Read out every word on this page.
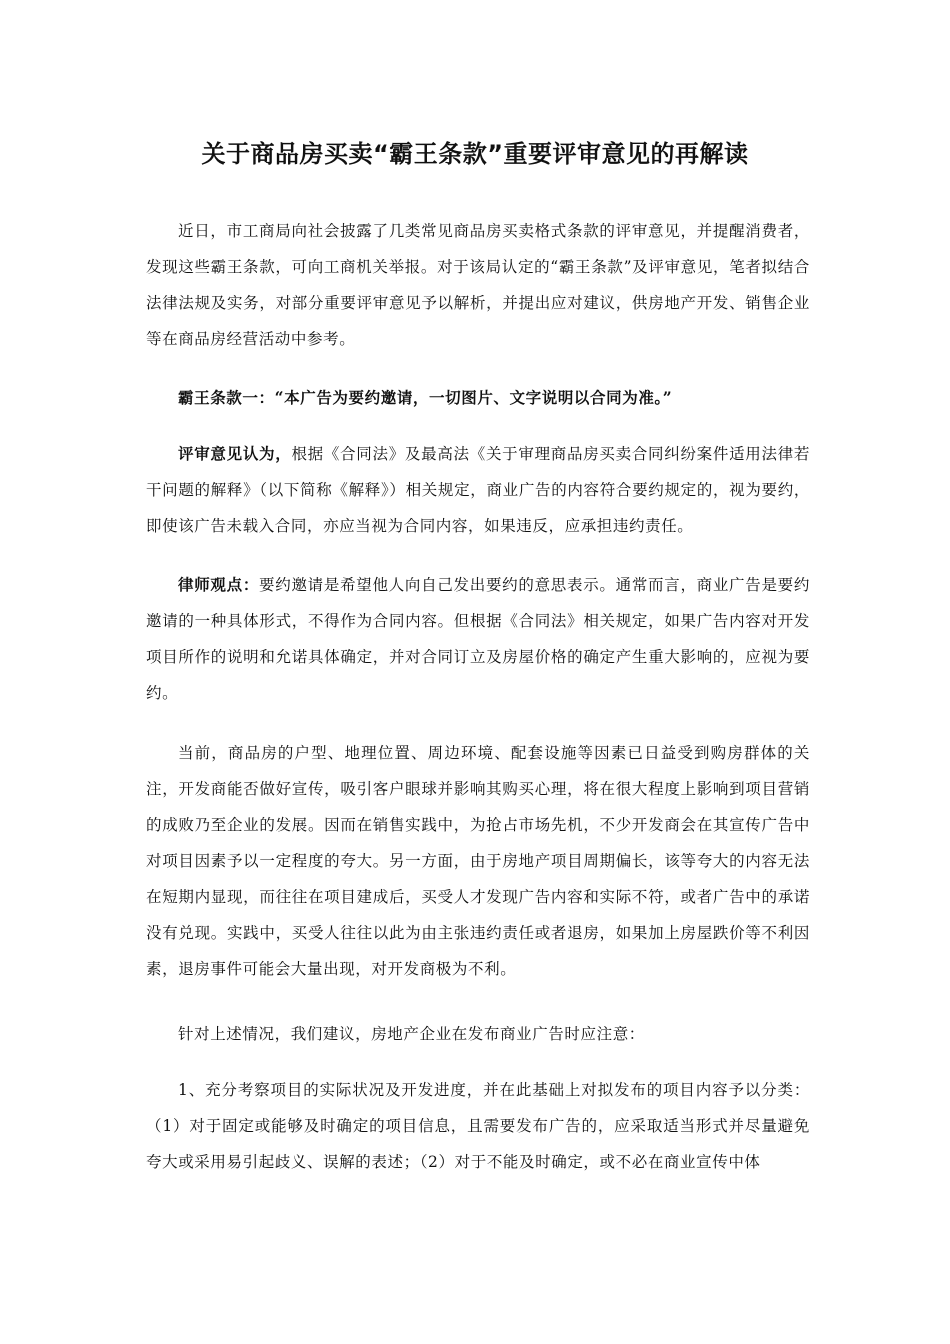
关于商品房买卖“霸王条款”重要评审意见的再解读
近日，市工商局向社会披露了几类常见商品房买卖格式条款的评审意见，并提醒消费者，发现这些霸王条款，可向工商机关举报。对于该局认定的“霸王条款”及评审意见，笔者拟结合法律法规及实务，对部分重要评审意见予以解析，并提出应对建议，供房地产开发、销售企业等在商品房经营活动中参考。
霸王条款一：“本广告为要约邀请，一切图片、文字说明以合同为准。”
评审意见认为，根据《合同法》及最高法《关于审理商品房买卖合同纠纷案件适用法律若干问题的解释》（以下简称《解释》）相关规定，商业广告的内容符合要约规定的，视为要约，即使该广告未载入合同，亦应当视为合同内容，如果违反，应承担违约责任。
律师观点：要约邀请是希望他人向自己发出要约的意思表示。通常而言，商业广告是要约邀请的一种具体形式，不得作为合同内容。但根据《合同法》相关规定，如果广告内容对开发项目所作的说明和允诺具体确定，并对合同订立及房屋价格的确定产生重大影响的，应视为要约。
当前，商品房的户型、地理位置、周边环境、配套设施等因素已日益受到购房群体的关注，开发商能否做好宣传，吸引客户眼球并影响其购买心理，将在很大程度上影响到项目营销的成败乃至企业的发展。因而在销售实践中，为抢占市场先机，不少开发商会在其宣传广告中对项目因素予以一定程度的夸大。另一方面，由于房地产项目周期偏长，该等夸大的内容无法在短期内显现，而往往在项目建成后，买受人才发现广告内容和实际不符，或者广告中的承诺没有兑现。实践中，买受人往往以此为由主张违约责任或者退房，如果加上房屋跌价等不利因素，退房事件可能会大量出现，对开发商极为不利。
针对上述情况，我们建议，房地产企业在发布商业广告时应注意：
1、充分考察项目的实际状况及开发进度，并在此基础上对拟发布的项目内容予以分类：（1）对于固定或能够及时确定的项目信息，且需要发布广告的，应采取适当形式并尽量避免夸大或采用易引起歧义、误解的表述；（2）对于不能及时确定，或不必在商业宣传中体
